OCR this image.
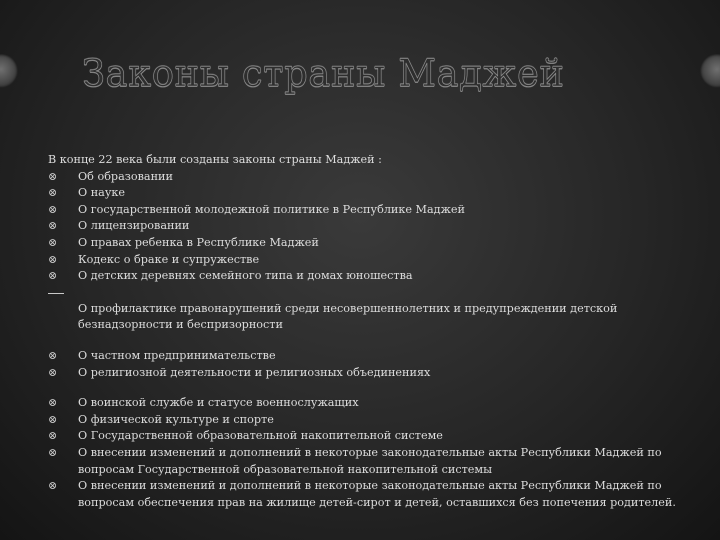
Законы страны Маджей
В конце 22 века были созданы законы страны Маджей :
⊗	Об образовании
⊗	О науке
⊗	О государственной молодежной политике в Республике Маджей
⊗	О лицензировании
⊗	О правах ребенка в Республике Маджей
⊗	Кодекс о браке и супружестве
⊗	О детских деревнях семейного типа и домах юношества
О профилактике правонарушений среди несовершеннолетних и предупреждении детской безнадзорности и беспризорности
⊗	О частном предпринимательстве
⊗	О религиозной деятельности и религиозных объединениях
⊗	О воинской службе и статусе военнослужащих
⊗	О физической культуре и спорте
⊗	О Государственной образовательной накопительной системе
⊗	О внесении изменений и дополнений в некоторые законодательные акты Республики Маджей по вопросам Государственной образовательной накопительной системы
⊗	О внесении изменений и дополнений в некоторые законодательные акты Республики Маджей по вопросам обеспечения прав на жилище детей-сирот и детей, оставшихся без попечения родителей.
